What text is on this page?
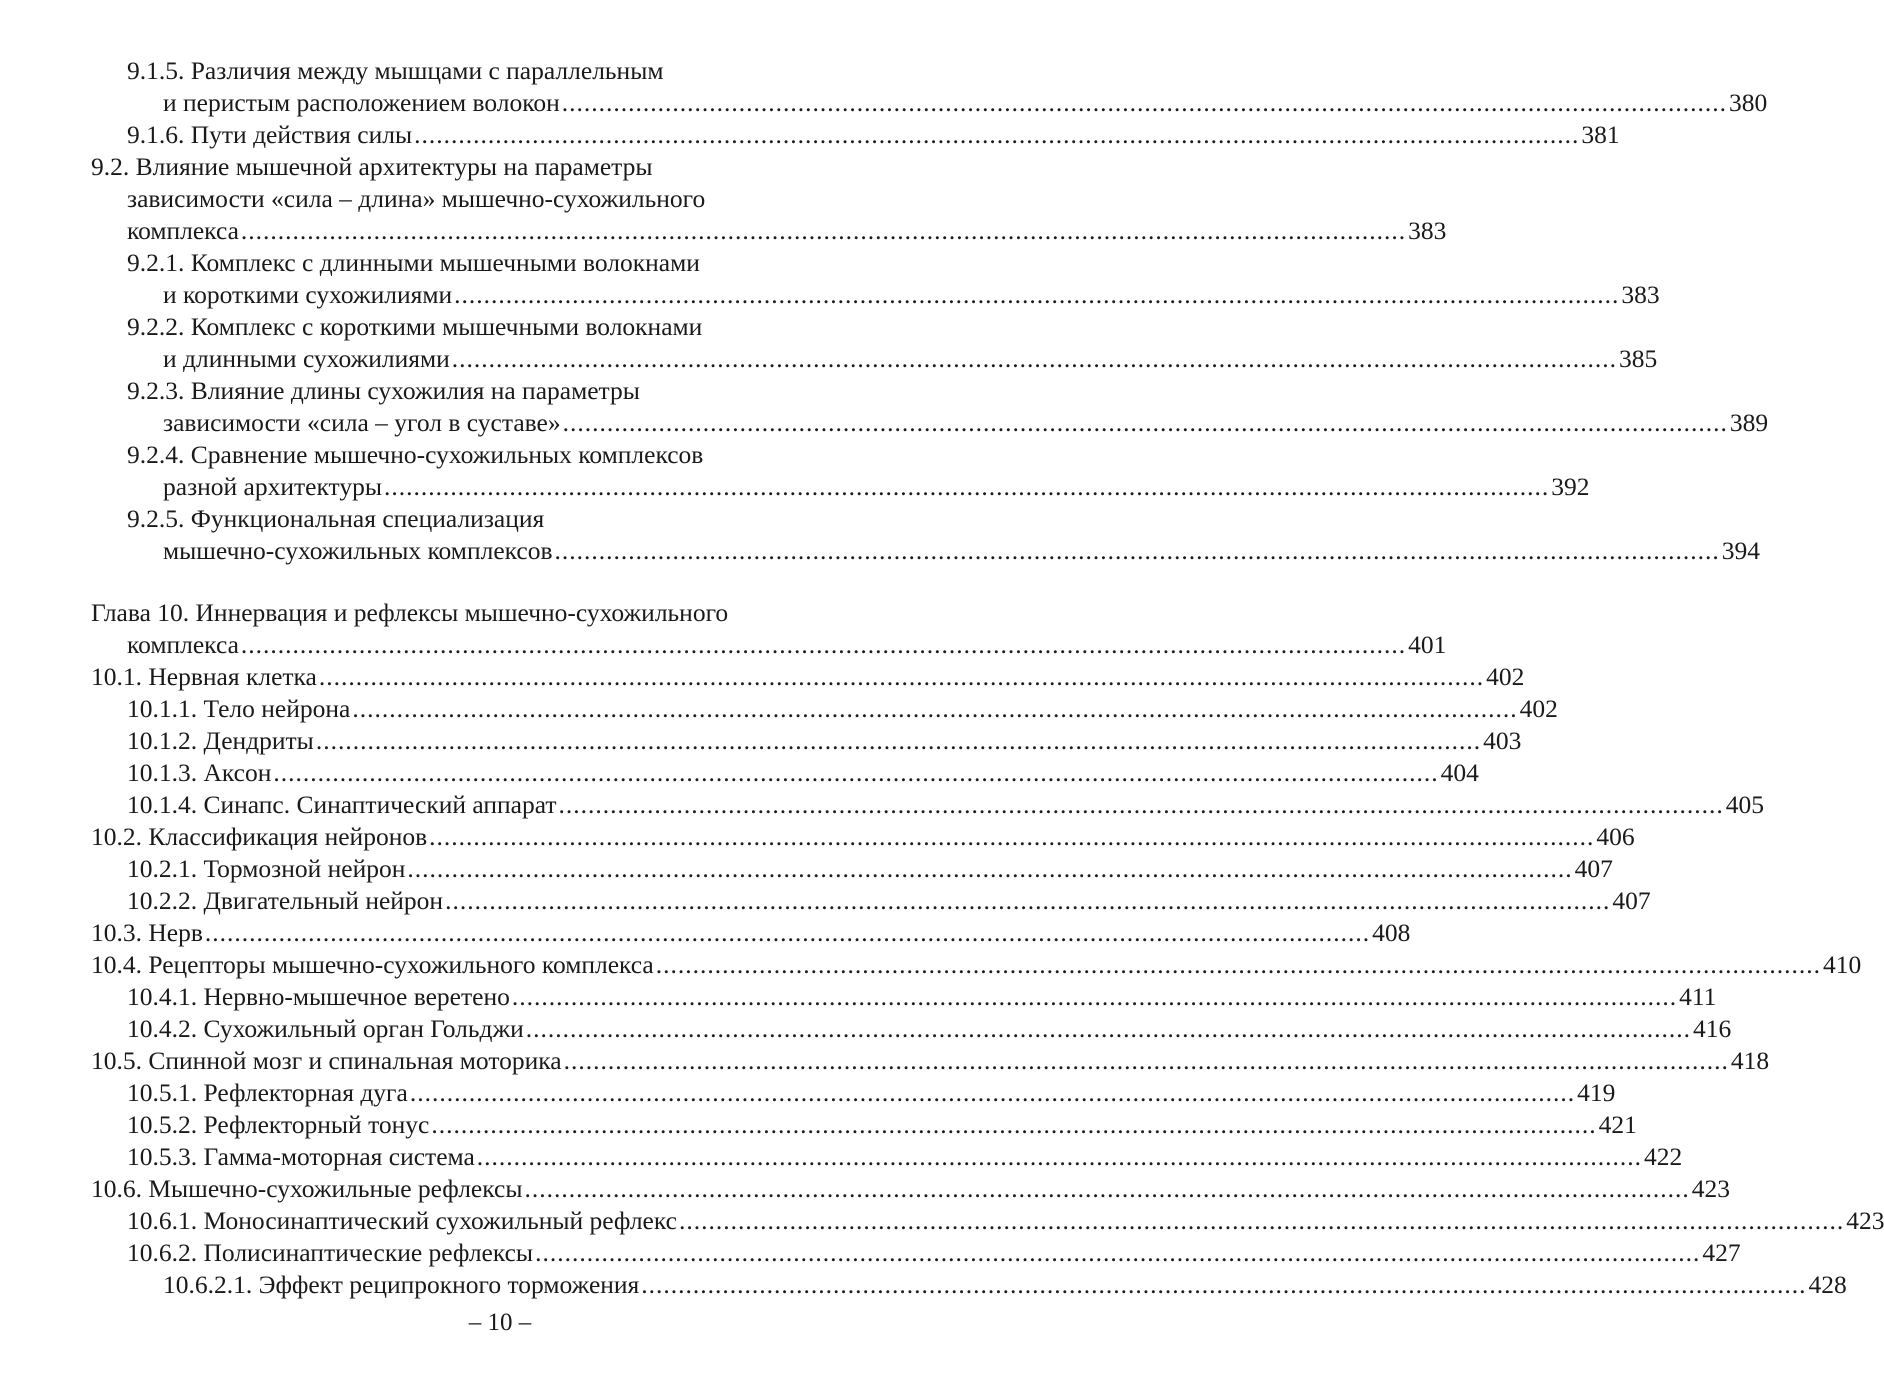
9.1.5. Различия между мышцами с параллельным
и перистым расположением волокон .............................................................................................................................................................. 380
9.1.6. Пути действия силы .............................................................................................................................................................. 381
9.2. Влияние мышечной архитектуры на параметры
зависимости «сила – длина» мышечно-сухожильного
комплекса .............................................................................................................................................................. 383
9.2.1. Комплекс с длинными мышечными волокнами
и короткими сухожилиями .............................................................................................................................................................. 383
9.2.2. Комплекс с короткими мышечными волокнами
и длинными сухожилиями .............................................................................................................................................................. 385
9.2.3. Влияние длины сухожилия на параметры
зависимости «сила – угол в суставе» .............................................................................................................................................................. 389
9.2.4. Сравнение мышечно-сухожильных комплексов
разной архитектуры .............................................................................................................................................................. 392
9.2.5. Функциональная специализация
мышечно-сухожильных комплексов .............................................................................................................................................................. 394
Глава 10. Иннервация и рефлексы мышечно-сухожильного
комплекса .............................................................................................................................................................. 401
10.1. Нервная клетка .............................................................................................................................................................. 402
10.1.1. Тело нейрона .............................................................................................................................................................. 402
10.1.2. Дендриты .............................................................................................................................................................. 403
10.1.3. Аксон .............................................................................................................................................................. 404
10.1.4. Синапс. Синаптический аппарат .............................................................................................................................................................. 405
10.2. Классификация нейронов .............................................................................................................................................................. 406
10.2.1. Тормозной нейрон .............................................................................................................................................................. 407
10.2.2. Двигательный нейрон .............................................................................................................................................................. 407
10.3. Нерв .............................................................................................................................................................. 408
10.4. Рецепторы мышечно-сухожильного комплекса .............................................................................................................................................................. 410
10.4.1. Нервно-мышечное веретено .............................................................................................................................................................. 411
10.4.2. Сухожильный орган Гольджи .............................................................................................................................................................. 416
10.5. Спинной мозг и спинальная моторика .............................................................................................................................................................. 418
10.5.1. Рефлекторная дуга .............................................................................................................................................................. 419
10.5.2. Рефлекторный тонус .............................................................................................................................................................. 421
10.5.3. Гамма-моторная система .............................................................................................................................................................. 422
10.6. Мышечно-сухожильные рефлексы .............................................................................................................................................................. 423
10.6.1. Моносинаптический сухожильный рефлекс .............................................................................................................................................................. 423
10.6.2. Полисинаптические рефлексы .............................................................................................................................................................. 427
10.6.2.1. Эффект реципрокного торможения .............................................................................................................................................................. 428
– 10 –
